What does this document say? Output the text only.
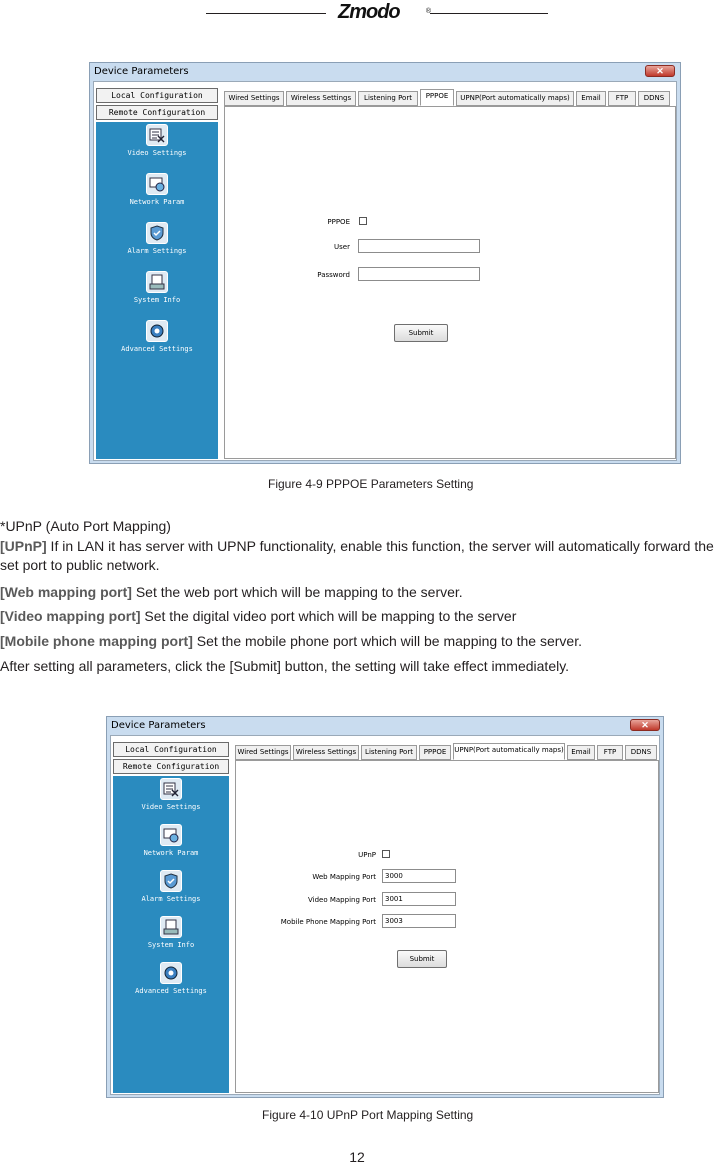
Zmodo	®
Device Parameters	✕
Local Configuration
Remote Configuration
Video Settings
Network Param
Alarm Settings
System Info
Advanced Settings
Wired Settings	Wireless Settings	Listening Port	PPPOE	UPNP(Port automatically maps)	Email	FTP	DDNS
PPPOE
User
Password
Submit
Figure 4-9 PPPOE Parameters Setting
*UPnP (Auto Port Mapping)
[UPnP] If in LAN it has server with UPNP functionality, enable this function, the server will automatically forward the set port to public network.
[Web mapping port] Set the web port which will be mapping to the server.
[Video mapping port] Set the digital video port which will be mapping to the server
[Mobile phone mapping port] Set the mobile phone port which will be mapping to the server.
After setting all parameters, click the [Submit] button, the setting will take effect immediately.
Device Parameters	✕
Local Configuration
Remote Configuration
Video Settings
Network Param
Alarm Settings
System Info
Advanced Settings
Wired Settings	Wireless Settings	Listening Port	PPPOE	UPNP(Port automatically maps)	Email	FTP	DDNS
UPnP
Web Mapping Port	3000
Video Mapping Port	3001
Mobile Phone Mapping Port	3003
Submit
Figure 4-10 UPnP Port Mapping Setting
12
